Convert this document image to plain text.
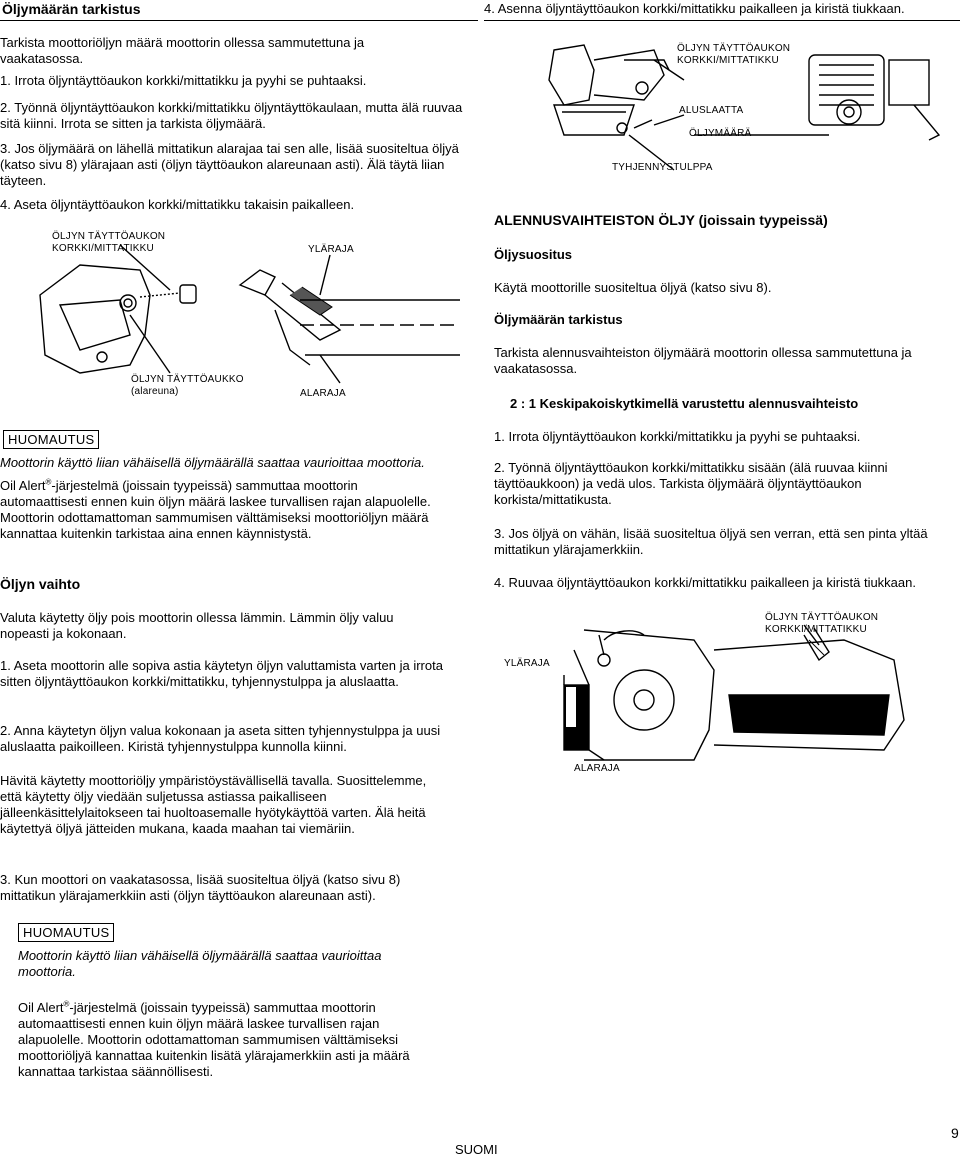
Öljymäärän tarkistus

Tarkista moottoriöljyn määrä moottorin ollessa sammutettuna ja vaakatasossa.

1. Irrota öljyntäyttöaukon korkki/mittatikku ja pyyhi se puhtaaksi.

2. Työnnä öljyntäyttöaukon korkki/mittatikku öljyntäyttökaulaan, mutta älä ruuvaa sitä kiinni. Irrota se sitten ja tarkista öljymäärä.

3. Jos öljymäärä on lähellä mittatikun alarajaa tai sen alle, lisää suositeltua öljyä (katso sivu 8) ylärajaan asti (öljyn täyttöaukon alareunaan asti). Älä täytä liian täyteen.

4. Aseta öljyntäyttöaukon korkki/mittatikku takaisin paikalleen.

ÖLJYN TÄYTTÖAUKON
KORKKI/MITTATIKKU	YLÄRAJA
ÖLJYN TÄYTTÖAUKKO
(alareuna)	ALARAJA
HUOMAUTUS

Moottorin käyttö liian vähäisellä öljymäärällä saattaa vaurioittaa moottoria.

Oil Alert®-järjestelmä (joissain tyypeissä) sammuttaa moottorin automaattisesti ennen kuin öljyn määrä laskee turvallisen rajan alapuolelle. Moottorin odottamattoman sammumisen välttämiseksi moottoriöljyn määrä kannattaa kuitenkin tarkistaa aina ennen käynnistystä.

Öljyn vaihto

Valuta käytetty öljy pois moottorin ollessa lämmin. Lämmin öljy valuu nopeasti ja kokonaan.

1. Aseta moottorin alle sopiva astia käytetyn öljyn valuttamista varten ja irrota sitten öljyntäyttöaukon korkki/mittatikku, tyhjennystulppa ja aluslaatta.

2. Anna käytetyn öljyn valua kokonaan ja aseta sitten tyhjennystulppa ja uusi aluslaatta paikoilleen. Kiristä tyhjennystulppa kunnolla kiinni.

Hävitä käytetty moottoriöljy ympäristöystävällisellä tavalla. Suosittelemme, että käytetty öljy viedään suljetussa astiassa paikalliseen jälleenkäsittelylaitokseen tai huoltoasemalle hyötykäyttöä varten. Älä heitä käytettyä öljyä jätteiden mukana, kaada maahan tai viemäriin.

3. Kun moottori on vaakatasossa, lisää suositeltua öljyä (katso sivu 8) mittatikun ylärajamerkkiin asti (öljyn täyttöaukon alareunaan asti).

HUOMAUTUS

Moottorin käyttö liian vähäisellä öljymäärällä saattaa vaurioittaa moottoria.

Oil Alert®-järjestelmä (joissain tyypeissä) sammuttaa moottorin automaattisesti ennen kuin öljyn määrä laskee turvallisen rajan alapuolelle. Moottorin odottamattoman sammumisen välttämiseksi moottoriöljyä kannattaa kuitenkin lisätä ylärajamerkkiin asti ja määrä kannattaa tarkistaa säännöllisesti.

4. Asenna öljyntäyttöaukon korkki/mittatikku paikalleen ja kiristä tiukkaan.

ÖLJYN TÄYTTÖAUKON
KORKKI/MITTATIKKU
ALUSLAATTA
ÖLJYMÄÄRÄ
TYHJENNYSTULPPA
ALENNUSVAIHTEISTON ÖLJY (joissain tyypeissä)
Öljysuositus

Käytä moottorille suositeltua öljyä (katso sivu 8).

Öljymäärän tarkistus

Tarkista alennusvaihteiston öljymäärä moottorin ollessa sammutettuna ja vaakatasossa.

2 : 1 Keskipakoiskytkimellä varustettu alennusvaihteisto

1. Irrota öljyntäyttöaukon korkki/mittatikku ja pyyhi se puhtaaksi.

2. Työnnä öljyntäyttöaukon korkki/mittatikku sisään (älä ruuvaa kiinni täyttöaukkoon) ja vedä ulos. Tarkista öljymäärä öljyntäyttöaukon korkista/mittatikusta.

3. Jos öljyä on vähän, lisää suositeltua öljyä sen verran, että sen pinta yltää mittatikun ylärajamerkkiin.

4. Ruuvaa öljyntäyttöaukon korkki/mittatikku paikalleen ja kiristä tiukkaan.

ÖLJYN TÄYTTÖAUKON
KORKKI/MITTATIKKU
YLÄRAJA
ALARAJA
9
SUOMI
